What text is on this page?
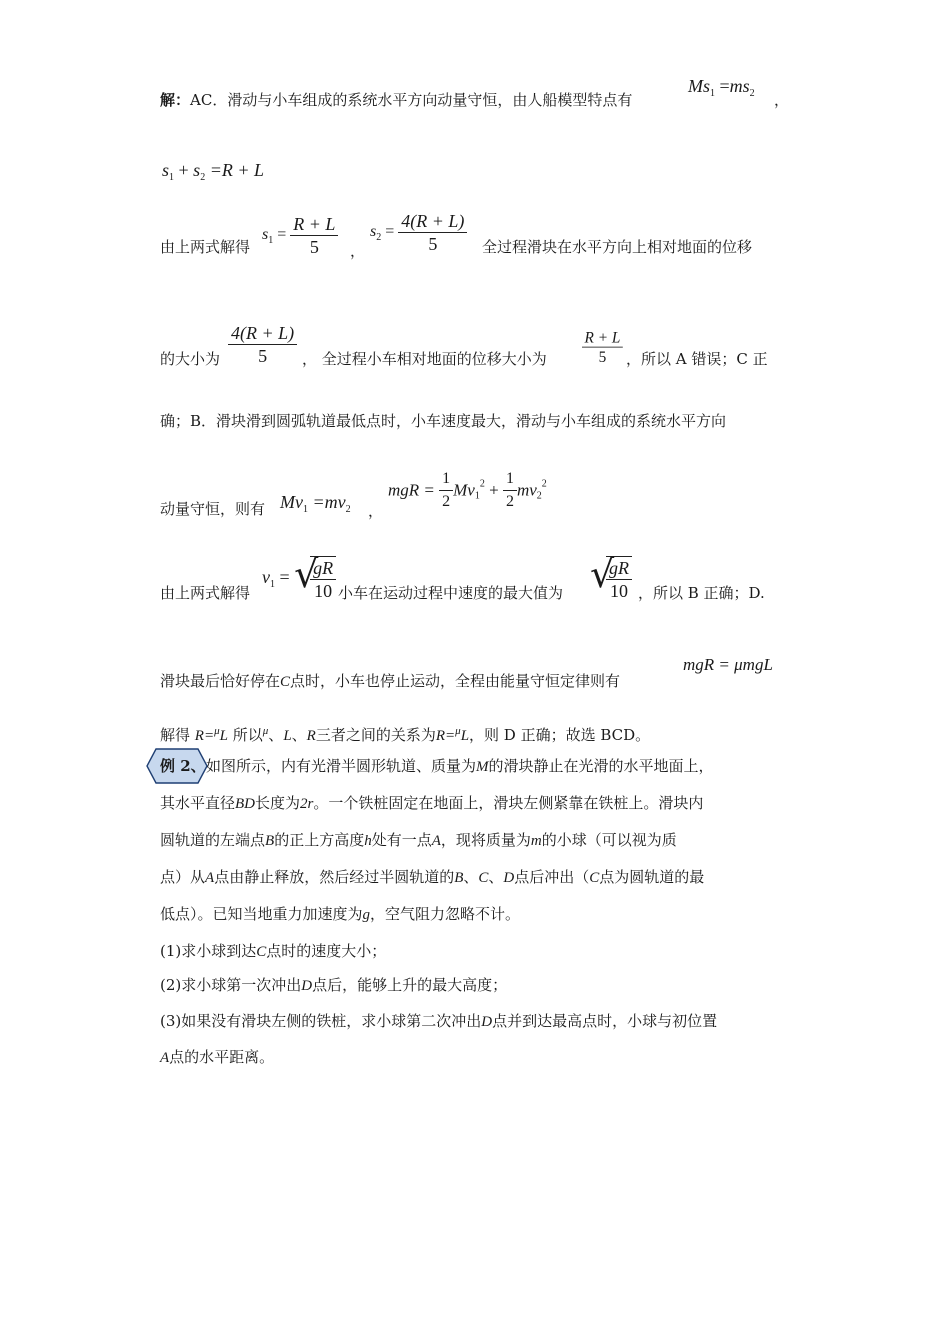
解：AC．滑动与小车组成的系统水平方向动量守恒，由人船模型特点有
$Ms_1 =ms_2$ ，
$s_1 + s_2 =R + L$
由上两式解得
$s_1 = \frac{R + L}{5}$ ，
$s_2 = \frac{4(R + L)}{5}$ 全过程滑块在水平方向上相对地面的位移
的大小为 $\frac{4(R + L)}{5}$ ， 全过程小车相对地面的位移大小为 $\frac{R + L}{5}$ ，所以 A 错误；C 正
确；B．滑块滑到圆弧轨道最低点时，小车速度最大，滑动与小车组成的系统水平方向
动量守恒，则有 $Mv_1 =mv_2$ ，
mgR = $\frac{1}{2} Mv_1^2 + \frac{1}{2} mv_2^2$
由上两式解得
$v_1$ = √
$\frac{gR}{10}$ 小车在运动过程中速度的最大值为 √
$\frac{gR}{10}$ ，所以 B 正确；D.
滑块最后恰好停在C点时，小车也停止运动，全程由能量守恒定律则有
mgR = μmgL
解得 R=$^\mu$L 所以$^\mu$、L、R三者之间的关系为R=$^\mu$L，则 D 正确；故选 BCD。
例 2、 如图所示，内有光滑半圆形轨道、质量为M的滑块静止在光滑的水平地面上，
其水平直径BD长度为2r。一个铁桩固定在地面上，滑块左侧紧靠在铁桩上。滑块内
圆轨道的左端点B的正上方高度h处有一点A，现将质量为m的小球（可以视为质
点）从A点由静止释放，然后经过半圆轨道的B、C、D点后冲出（C点为圆轨道的最
低点）。已知当地重力加速度为g，空气阻力忽略不计。
(1)求小球到达C点时的速度大小；
(2)求小球第一次冲出D点后，能够上升的最大高度；
(3)如果没有滑块左侧的铁桩，求小球第二次冲出D点并到达最高点时，小球与初位置
A点的水平距离。
